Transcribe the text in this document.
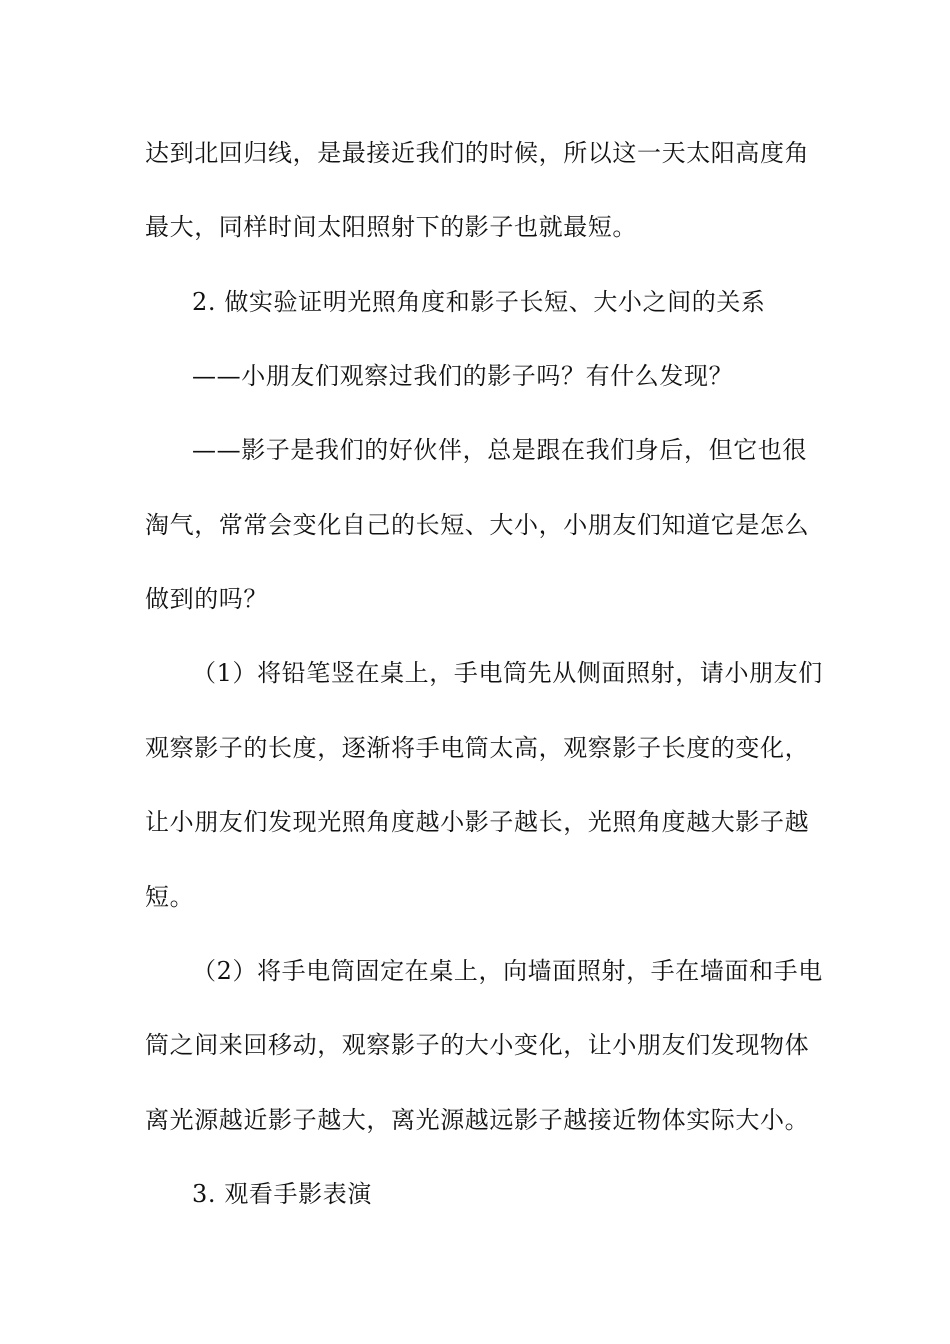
达到北回归线，是最接近我们的时候，所以这一天太阳高度角
最大，同样时间太阳照射下的影子也就最短。
2. 做实验证明光照角度和影子长短、大小之间的关系
——小朋友们观察过我们的影子吗？有什么发现？
——影子是我们的好伙伴，总是跟在我们身后，但它也很
淘气，常常会变化自己的长短、大小，小朋友们知道它是怎么
做到的吗？
（1）将铅笔竖在桌上，手电筒先从侧面照射，请小朋友们
观察影子的长度，逐渐将手电筒太高，观察影子长度的变化，
让小朋友们发现光照角度越小影子越长，光照角度越大影子越
短。
（2）将手电筒固定在桌上，向墙面照射，手在墙面和手电
筒之间来回移动，观察影子的大小变化，让小朋友们发现物体
离光源越近影子越大，离光源越远影子越接近物体实际大小。
3. 观看手影表演
